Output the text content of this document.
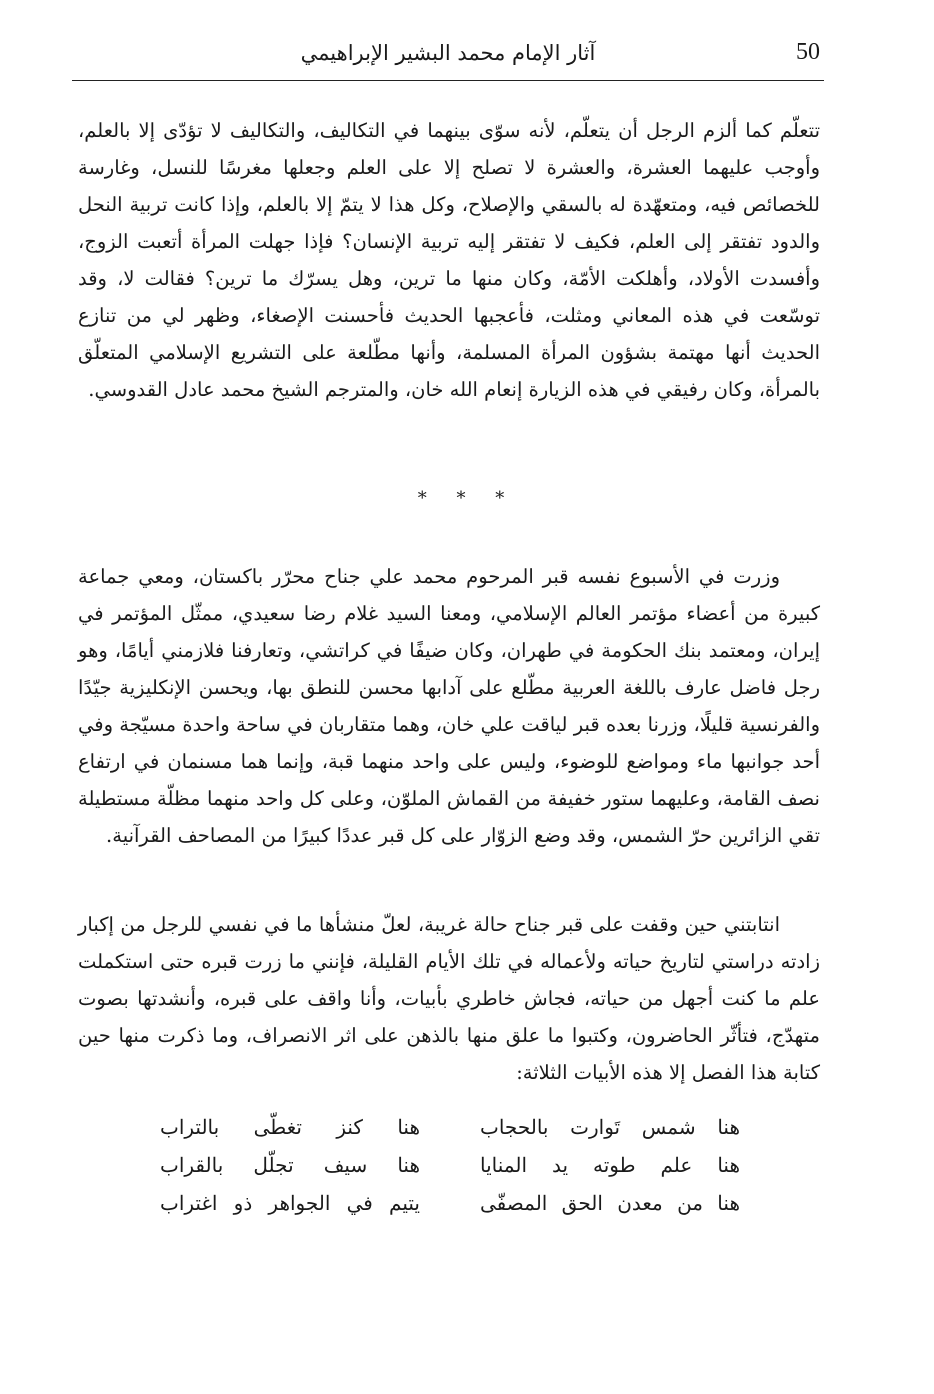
50
آثار الإمام محمد البشير الإبراهيمي

تتعلّم كما ألزم الرجل أن يتعلّم، لأنه سوّى بينهما في التكاليف، والتكاليف لا تؤدّى إلا بالعلم، وأوجب عليهما العشرة، والعشرة لا تصلح إلا على العلم وجعلها مغرسًا للنسل، وغارسة للخصائص فيه، ومتعهّدة له بالسقي والإصلاح، وكل هذا لا يتمّ إلا بالعلم، وإذا كانت تربية النحل والدود تفتقر إلى العلم، فكيف لا تفتقر إليه تربية الإنسان؟ فإذا جهلت المرأة أتعبت الزوج، وأفسدت الأولاد، وأهلكت الأمّة، وكان منها ما ترين، وهل يسرّك ما ترين؟ فقالت لا، وقد توسّعت في هذه المعاني ومثلت، فأعجبها الحديث فأحسنت الإصغاء، وظهر لي من تنازع الحديث أنها مهتمة بشؤون المرأة المسلمة، وأنها مطّلعة على التشريع الإسلامي المتعلّق بالمرأة، وكان رفيقي في هذه الزيارة إنعام الله خان، والمترجم الشيخ محمد عادل القدوسي.

* * *

وزرت في الأسبوع نفسه قبر المرحوم محمد علي جناح محرّر باكستان، ومعي جماعة كبيرة من أعضاء مؤتمر العالم الإسلامي، ومعنا السيد غلام رضا سعيدي، ممثّل المؤتمر في إيران، ومعتمد بنك الحكومة في طهران، وكان ضيفًا في كراتشي، وتعارفنا فلازمني أيامًا، وهو رجل فاضل عارف باللغة العربية مطّلع على آدابها محسن للنطق بها، ويحسن الإنكليزية جيّدًا والفرنسية قليلًا، وزرنا بعده قبر لياقت علي خان، وهما متقاربان في ساحة واحدة مسيّجة وفي أحد جوانبها ماء ومواضع للوضوء، وليس على واحد منهما قبة، وإنما هما مسنمان في ارتفاع نصف القامة، وعليهما ستور خفيفة من القماش الملوّن، وعلى كل واحد منهما مظلّة مستطيلة تقي الزائرين حرّ الشمس، وقد وضع الزوّار على كل قبر عددًا كبيرًا من المصاحف القرآنية.

انتابتني حين وقفت على قبر جناح حالة غريبة، لعلّ منشأها ما في نفسي للرجل من إكبار زادته دراستي لتاريخ حياته ولأعماله في تلك الأيام القليلة، فإنني ما زرت قبره حتى استكملت علم ما كنت أجهل من حياته، فجاش خاطري بأبيات، وأنا واقف على قبره، وأنشدتها بصوت متهدّج، فتأثّر الحاضرون، وكتبوا ما علق منها بالذهن على اثر الانصراف، وما ذكرت منها حين كتابة هذا الفصل إلا هذه الأبيات الثلاثة:

هنا شمس تَوارت بالحجاب
هنا كنز تغطّى بالتراب
هنا علم طوته يد المنايا
هنا سيف تجلّل بالقراب
هنا من معدن الحق المصفّى
يتيم في الجواهر ذو اغتراب
